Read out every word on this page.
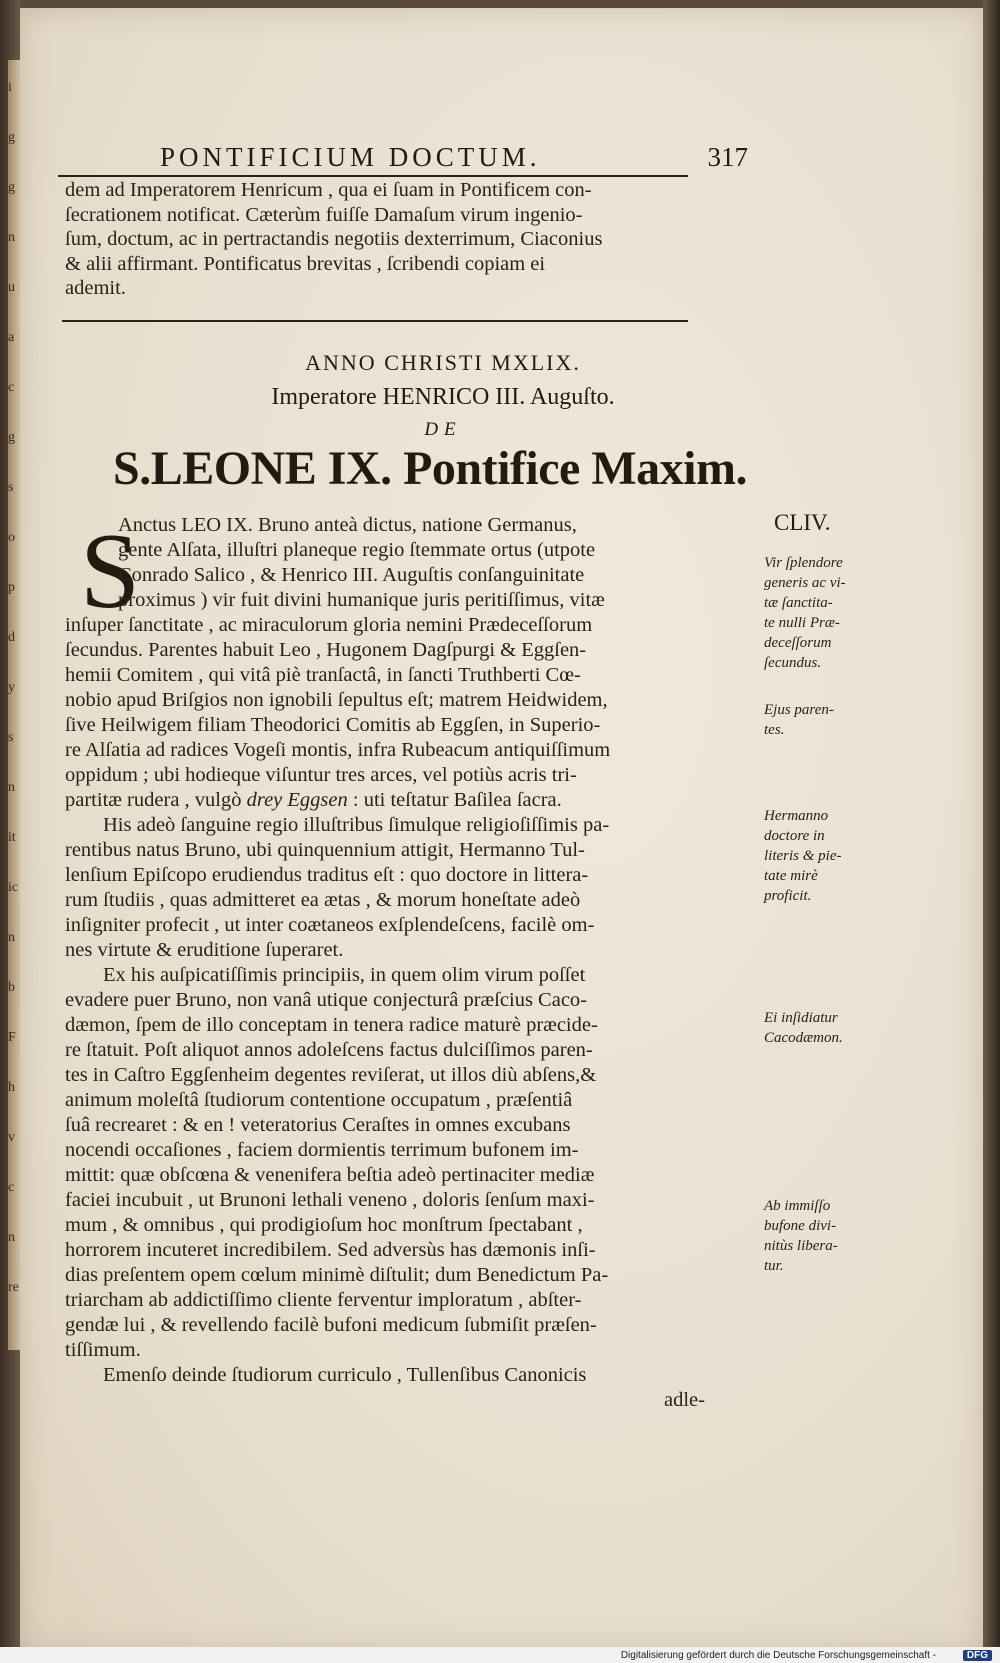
i
g
g
n
u
a
c
g
s
o
p
d
y
s
n
it
ic
n
b
F
h
v
c
n
re
PONTIFICIUM DOCTUM.	317
dem ad Imperatorem Henricum , qua ei ſuam in Pontificem con-
ſecrationem notificat. Cæterùm fuiſſe Damaſum virum ingenio-
ſum, doctum, ac in pertractandis negotiis dexterrimum, Ciaconius
& alii affirmant. Pontificatus brevitas , ſcribendi copiam ei
ademit.
ANNO CHRISTI MXLIX.
Imperatore HENRICO III. Auguſto.
DE
S.LEONE IX. Pontifice Maxim.
S	CLIV.
Anctus LEO IX. Bruno anteà dictus, natione Germanus,
gente Alſata, illuſtri planeque regio ſtemmate ortus (utpote
Conrado Salico , & Henrico III. Auguſtis conſanguinitate
proximus ) vir fuit divini humanique juris peritiſſimus, vitæ
inſuper ſanctitate , ac miraculorum gloria nemini Prædeceſſorum
ſecundus. Parentes habuit Leo , Hugonem Dagſpurgi & Eggſen-
hemii Comitem , qui vitâ piè tranſactâ, in ſancti Truthberti Cœ-
nobio apud Briſgios non ignobili ſepultus eſt; matrem Heidwidem,
ſive Heilwigem filiam Theodorici Comitis ab Eggſen, in Superio-
re Alſatia ad radices Vogeſi montis, infra Rubeacum antiquiſſimum
oppidum ; ubi hodieque viſuntur tres arces, vel potiùs acris tri-
partitæ rudera , vulgò drey Eggsen : uti teſtatur Baſilea ſacra.
His adeò ſanguine regio illuſtribus ſimulque religioſiſſimis pa-
rentibus natus Bruno, ubi quinquennium attigit, Hermanno Tul-
lenſium Epiſcopo erudiendus traditus eſt : quo doctore in littera-
rum ſtudiis , quas admitteret ea ætas , & morum honeſtate adeò
inſigniter profecit , ut inter coætaneos exſplendeſcens, facilè om-
nes virtute & eruditione ſuperaret.
Ex his auſpicatiſſimis principiis, in quem olim virum poſſet
evadere puer Bruno, non vanâ utique conjecturâ præſcius Caco-
dæmon, ſpem de illo conceptam in tenera radice maturè præcide-
re ſtatuit. Poſt aliquot annos adoleſcens factus dulciſſimos paren-
tes in Caſtro Eggſenheim degentes reviſerat, ut illos diù abſens,&
animum moleſtâ ſtudiorum contentione occupatum , præſentiâ
ſuâ recrearet : & en ! veteratorius Ceraſtes in omnes excubans
nocendi occaſiones , faciem dormientis terrimum bufonem im-
mittit: quæ obſcœna & venenifera beſtia adeò pertinaciter mediæ
faciei incubuit , ut Brunoni lethali veneno , doloris ſenſum maxi-
mum , & omnibus , qui prodigioſum hoc monſtrum ſpectabant ,
horrorem incuteret incredibilem. Sed adversùs has dæmonis inſi-
dias preſentem opem cœlum minimè diſtulit; dum Benedictum Pa-
triarcham ab addictiſſimo cliente ferventur imploratum , abſter-
gendæ lui , & revellendo facilè bufoni medicum ſubmiſit præſen-
tiſſimum.
Emenſo deinde ſtudiorum curriculo , Tullenſibus Canonicis
adle-
Vir ſplendore
generis ac vi-
tæ ſanctita-
te nulli Præ-
deceſſorum
ſecundus.
Ejus paren-
tes.
Hermanno
doctore in
literis & pie-
tate mirè
proficit.
Ei inſidiatur
Cacodæmon.
Ab immiſſo
bufone divi-
nitùs libera-
tur.
Digitalisierung gefördert durch die Deutsche Forschungsgemeinschaft -	DFG
